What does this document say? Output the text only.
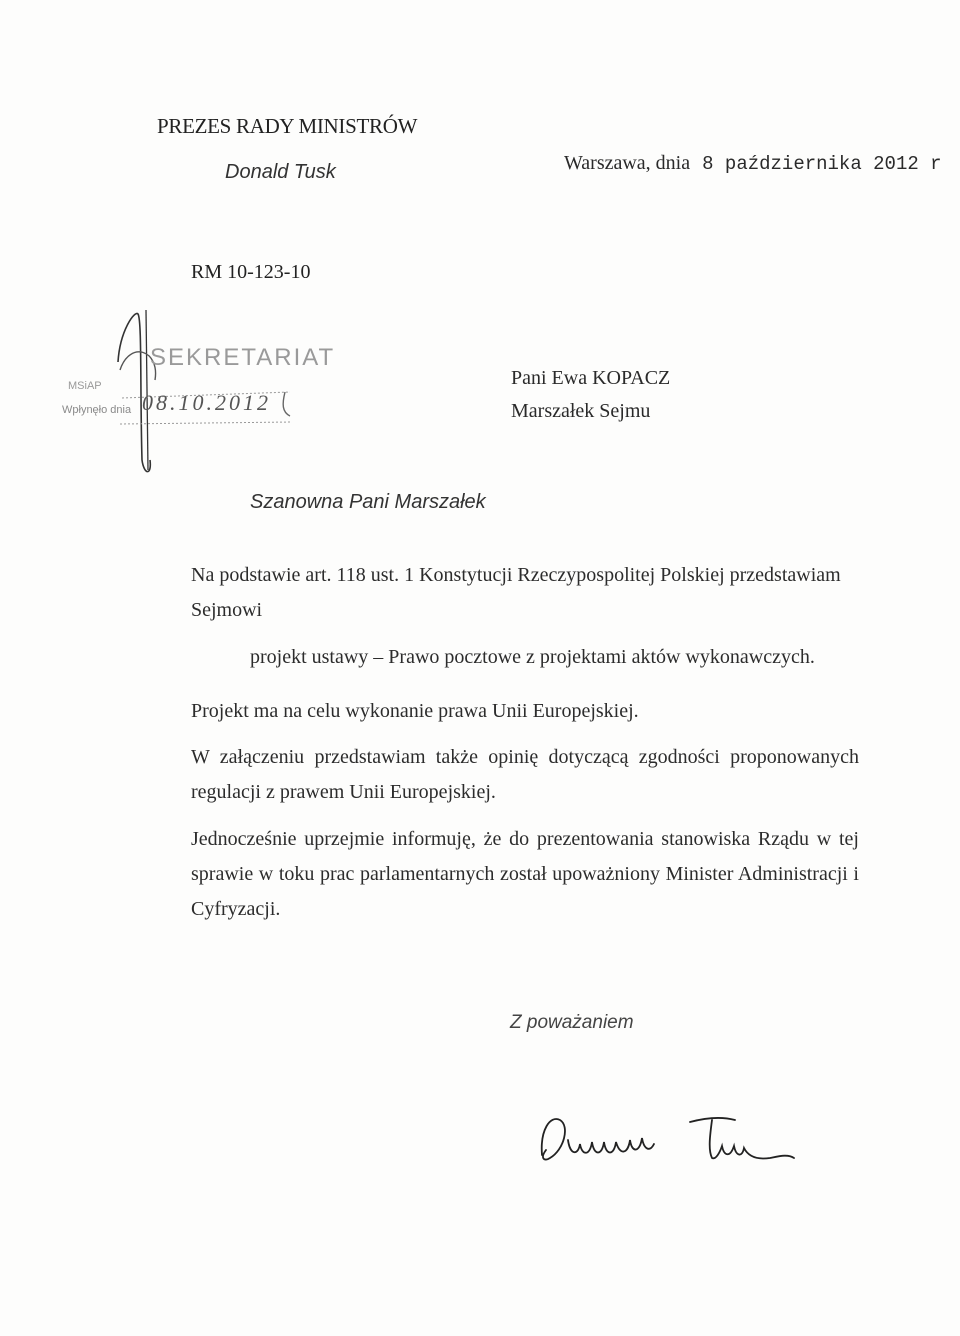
PREZES RADY MINISTRÓW
Donald Tusk	Warszawa, dnia 8 października 2012 r
RM 10-123-10
SEKRETARIAT
MSiAP
Wpłynęło dnia 08.10.2012
Pani Ewa KOPACZ
Marszałek Sejmu
Szanowna Pani Marszałek
Na podstawie art. 118 ust. 1 Konstytucji Rzeczypospolitej Polskiej przedstawiam Sejmowi
projekt ustawy – Prawo pocztowe z projektami aktów wykonawczych.
Projekt ma na celu wykonanie prawa Unii Europejskiej.
W załączeniu przedstawiam także opinię dotyczącą zgodności proponowanych regulacji z prawem Unii Europejskiej.
Jednocześnie uprzejmie informuję, że do prezentowania stanowiska Rządu w tej sprawie w toku prac parlamentarnych został upoważniony Minister Administracji i Cyfryzacji.
Z poważaniem
